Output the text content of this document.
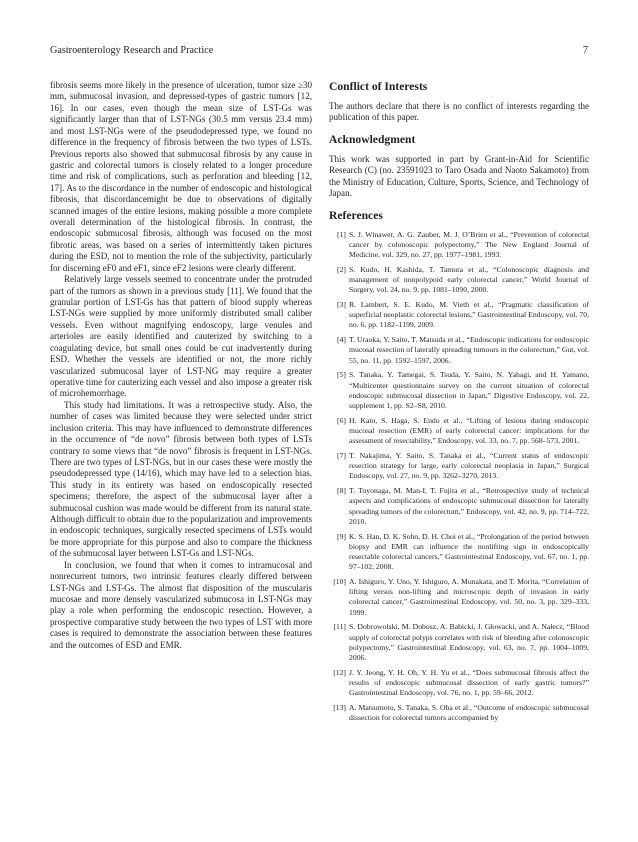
Gastroenterology Research and Practice	7

fibrosis seems more likely in the presence of ulceration, tumor size ≥30 mm, submucosal invasion, and depressed-types of gastric tumors [12, 16]. In our cases, even though the mean size of LST-Gs was significantly larger than that of LST-NGs (30.5 mm versus 23.4 mm) and most LST-NGs were of the pseudodepressed type, we found no difference in the frequency of fibrosis between the two types of LSTs. Previous reports also showed that submucosal fibrosis by any cause in gastric and colorectal tumors is closely related to a longer procedure time and risk of complications, such as perforation and bleeding [12, 17]. As to the discordance in the number of endoscopic and histological fibrosis, that discordancemight be due to observations of digitally scanned images of the entire lesions, making possible a more complete overall determination of the histological fibrosis. In contrast, the endoscopic submucosal fibrosis, although was focused on the most fibrotic areas, was based on a series of intermittently taken pictures during the ESD, not to mention the role of the subjectivity, particularly for discerning eF0 and eF1, since eF2 lesions were clearly different.

Relatively large vessels seemed to concentrate under the protruded part of the tumors as shown in a previous study [11]. We found that the granular portion of LST-Gs has that pattern of blood supply whereas LST-NGs were supplied by more uniformly distributed small caliber vessels. Even without magnifying endoscopy, large venules and arterioles are easily identified and cauterized by switching to a coagulating device, but small ones could be cut inadvertently during ESD. Whether the vessels are identified or not, the more richly vascularized submucosal layer of LST-NG may require a greater operative time for cauterizing each vessel and also impose a greater risk of microhemorrhage.

This study had limitations. It was a retrospective study. Also, the number of cases was limited because they were selected under strict inclusion criteria. This may have influenced to demonstrate differences in the occurrence of “de novo” fibrosis between both types of LSTs contrary to some views that “de novo” fibrosis is frequent in LST-NGs. There are two types of LST-NGs, but in our cases these were mostly the pseudodepressed type (14/16), which may have led to a selection bias. This study in its entirety was based on endoscopically resected specimens; therefore, the aspect of the submucosal layer after a submucosal cushion was made would be different from its natural state. Although difficult to obtain due to the popularization and improvements in endoscopic techniques, surgically resected specimens of LSTs would be more appropriate for this purpose and also to compare the thickness of the submucosal layer between LST-Gs and LST-NGs.

In conclusion, we found that when it comes to intramucosal and nonrecurrent tumors, two intrinsic features clearly differed between LST-NGs and LST-Gs. The almost flat disposition of the muscularis mucosae and more densely vascularized submucosa in LST-NGs may play a role when performing the endoscopic resection. However, a prospective comparative study between the two types of LST with more cases is required to demonstrate the association between these features and the outcomes of ESD and EMR.

Conflict of Interests

The authors declare that there is no conflict of interests regarding the publication of this paper.

Acknowledgment

This work was supported in part by Grant-in-Aid for Scientific Research (C) (no. 23591023 to Taro Osada and Naoto Sakamoto) from the Ministry of Education, Culture, Sports, Science, and Technology of Japan.

References
[1] S. J. Winawer, A. G. Zauber, M. J. O’Brien et al., “Prevention of colorectal cancer by colonoscopic polypectomy,” The New England Journal of Medicine, vol. 329, no. 27, pp. 1977–1981, 1993.
[2] S. Kudo, H. Kashida, T. Tamura et al., “Colonoscopic diagnosis and management of nonpolypoid early colorectal cancer,” World Journal of Surgery, vol. 24, no. 9, pp. 1081–1090, 2000.
[3] R. Lambert, S. E. Kudo, M. Vieth et al., “Pragmatic classification of superficial neoplastic colorectal lesions,” Gastrointestinal Endoscopy, vol. 70, no. 6, pp. 1182–1199, 2009.
[4] T. Uraoka, Y. Saito, T. Matsuda et al., “Endoscopic indications for endoscopic mucosal resection of laterally spreading tumours in the colorectum,” Gut, vol. 55, no. 11, pp. 1592–1597, 2006.
[5] S. Tanaka, Y. Tamegai, S. Tsuda, Y. Saito, N. Yahagi, and H. Yamano, “Multicenter questionnaire survey on the current situation of colorectal endoscopic submucosal dissection in Japan,” Digestive Endoscopy, vol. 22, supplement 1, pp. S2–S8, 2010.
[6] H. Kato, S. Haga, S. Endo et al., “Lifting of lesions during endoscopic mucosal resection (EMR) of early colorectal cancer: implications for the assessment of resectability,” Endoscopy, vol. 33, no. 7, pp. 568–573, 2001.
[7] T. Nakajima, Y. Saito, S. Tanaka et al., “Current status of endoscopic resection strategy for large, early colorectal neoplasia in Japan,” Surgical Endoscopy, vol. 27, no. 9, pp. 3262–3270, 2013.
[8] T. Toyonaga, M. Man-I, T. Fujita et al., “Retrospective study of technical aspects and complications of endoscopic submucosal dissection for laterally spreading tumors of the colorectum,” Endoscopy, vol. 42, no. 9, pp. 714–722, 2010.
[9] K. S. Han, D. K. Sohn, D. H. Choi et al., “Prolongation of the period between biopsy and EMR can influence the nonlifting sign in endoscopically resectable colorectal cancers,” Gastrointestinal Endoscopy, vol. 67, no. 1, pp. 97–102, 2008.
[10] A. Ishiguro, Y. Uno, Y. Ishiguro, A. Munakata, and T. Morita, “Correlation of lifting versus non-lifting and microscopic depth of invasion in early colorectal cancer,” Gastrointestinal Endoscopy, vol. 50, no. 3, pp. 329–333, 1999.
[11] S. Dobrowolski, M. Dobosz, A. Babicki, J. Głowacki, and A. Nałecz, “Blood supply of colorectal polyps correlates with risk of bleeding after colonoscopic polypectomy,” Gastrointestinal Endoscopy, vol. 63, no. 7, pp. 1004–1009, 2006.
[12] J. Y. Jeong, Y. H. Oh, Y. H. Yu et al., “Does submucosal fibrosis affect the results of endoscopic submucosal dissection of early gastric tumors?” Gastrointestinal Endoscopy, vol. 76, no. 1, pp. 59–66, 2012.
[13] A. Matsumoto, S. Tanaka, S. Oba et al., “Outcome of endoscopic submucosal dissection for colorectal tumors accompanied by
